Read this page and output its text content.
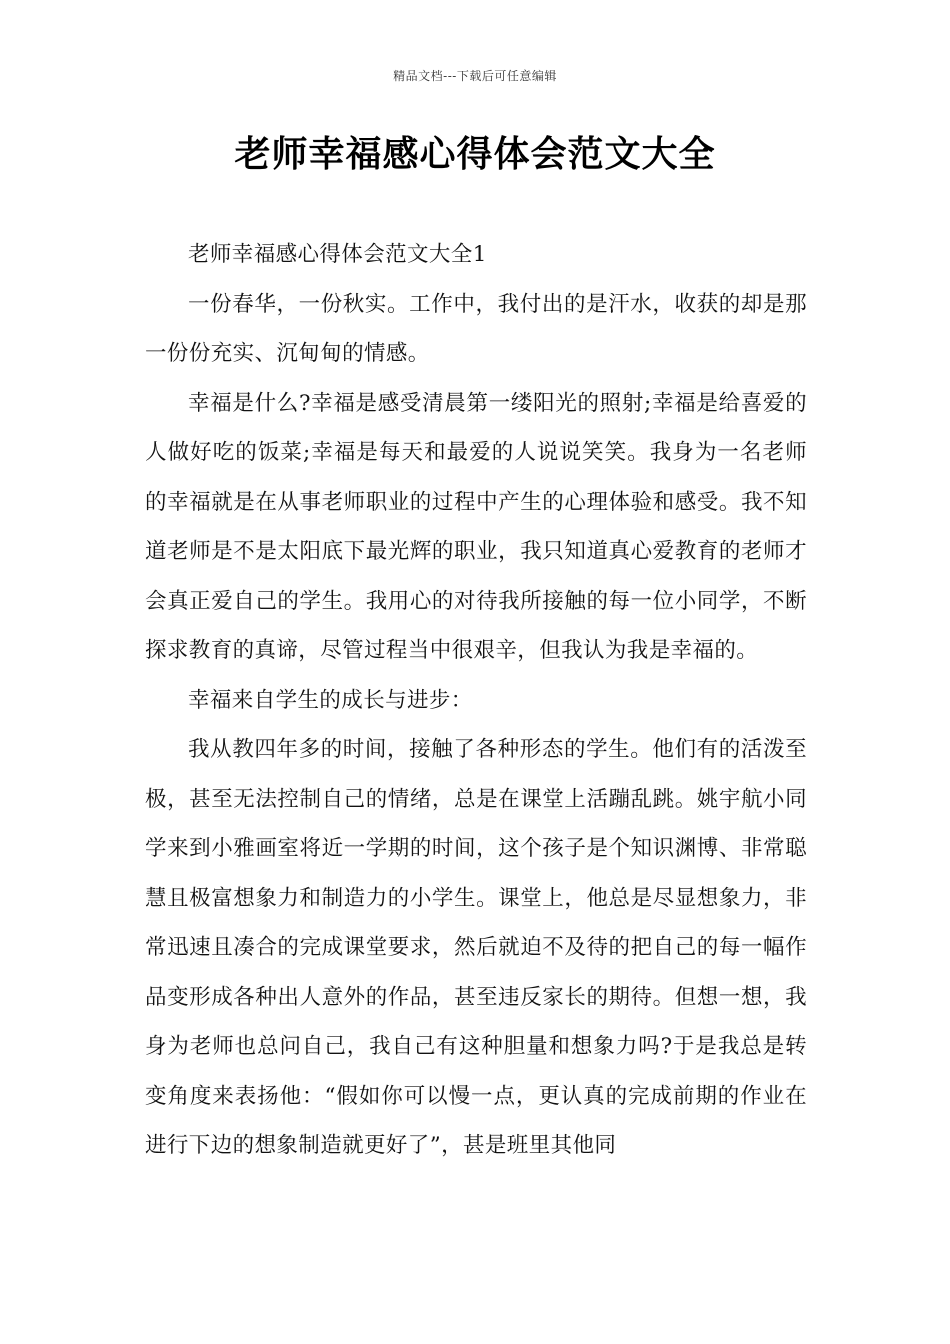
精品文档---下载后可任意编辑
老师幸福感心得体会范文大全

老师幸福感心得体会范文大全1

一份春华，一份秋实。工作中，我付出的是汗水，收获的却是那一份份充实、沉甸甸的情感。

幸福是什么?幸福是感受清晨第一缕阳光的照射;幸福是给喜爱的人做好吃的饭菜;幸福是每天和最爱的人说说笑笑。我身为一名老师的幸福就是在从事老师职业的过程中产生的心理体验和感受。我不知道老师是不是太阳底下最光辉的职业，我只知道真心爱教育的老师才会真正爱自己的学生。我用心的对待我所接触的每一位小同学，不断探求教育的真谛，尽管过程当中很艰辛，但我认为我是幸福的。

幸福来自学生的成长与进步：

我从教四年多的时间，接触了各种形态的学生。他们有的活泼至极，甚至无法控制自己的情绪，总是在课堂上活蹦乱跳。姚宇航小同学来到小雅画室将近一学期的时间，这个孩子是个知识渊博、非常聪慧且极富想象力和制造力的小学生。课堂上，他总是尽显想象力，非常迅速且凑合的完成课堂要求，然后就迫不及待的把自己的每一幅作品变形成各种出人意外的作品，甚至违反家长的期待。但想一想，我身为老师也总问自己，我自己有这种胆量和想象力吗?于是我总是转变角度来表扬他：“假如你可以慢一点，更认真的完成前期的作业在进行下边的想象制造就更好了”，甚是班里其他同
